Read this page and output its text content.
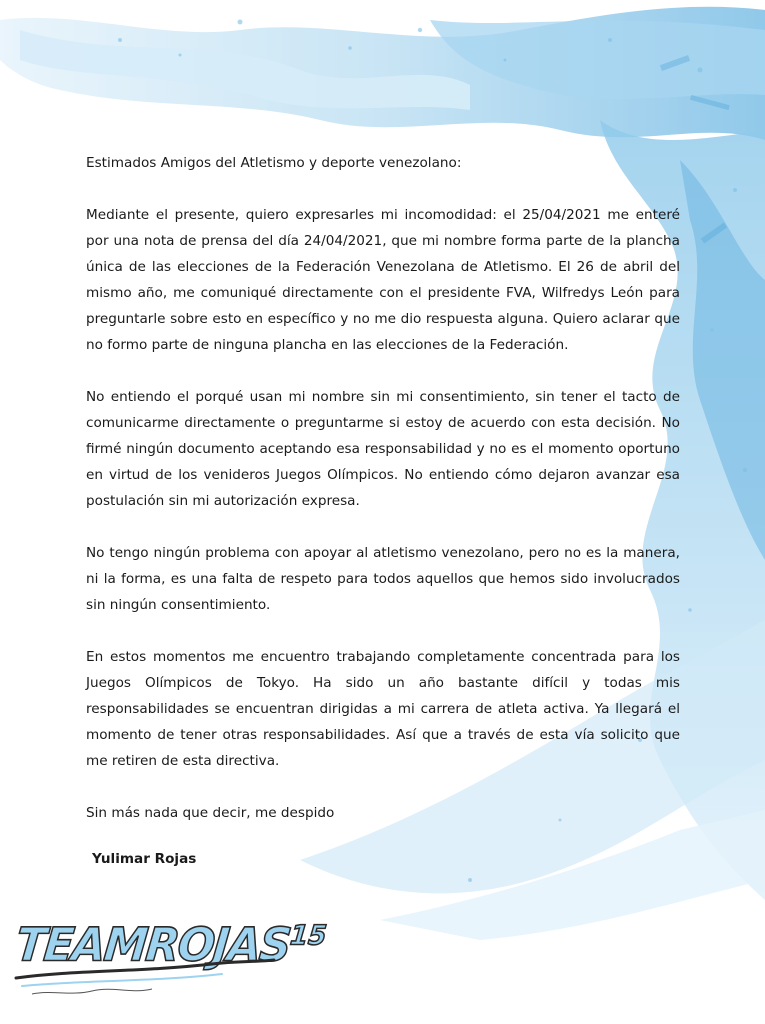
Estimados Amigos del Atletismo y deporte venezolano:

Mediante el presente, quiero expresarles mi incomodidad: el 25/04/2021 me enteré por una nota de prensa del día 24/04/2021, que mi nombre forma parte de la plancha única de las elecciones de la Federación Venezolana de Atletismo. El 26 de abril del mismo año, me comuniqué directamente con el presidente FVA, Wilfredys León para preguntarle sobre esto en específico y no me dio respuesta alguna. Quiero aclarar que no formo parte de ninguna plancha en las elecciones de la Federación.

No entiendo el porqué usan mi nombre sin mi consentimiento, sin tener el tacto de comunicarme directamente o preguntarme si estoy de acuerdo con esta decisión. No firmé ningún documento aceptando esa responsabilidad y no es el momento oportuno en virtud de los venideros Juegos Olímpicos. No entiendo cómo dejaron avanzar esa postulación sin mi autorización expresa.

No tengo ningún problema con apoyar al atletismo venezolano, pero no es la manera, ni la forma, es una falta de respeto para todos aquellos que hemos sido involucrados sin ningún consentimiento.

En estos momentos me encuentro trabajando completamente concentrada para los Juegos Olímpicos de Tokyo. Ha sido un año bastante difícil y todas mis responsabilidades se encuentran dirigidas a mi carrera de atleta activa. Ya llegará el momento de tener otras responsabilidades. Así que a través de esta vía solicito que me retiren de esta directiva.

Sin más nada que decir, me despido

Yulimar Rojas

TEAMROJAS$^{15}$
